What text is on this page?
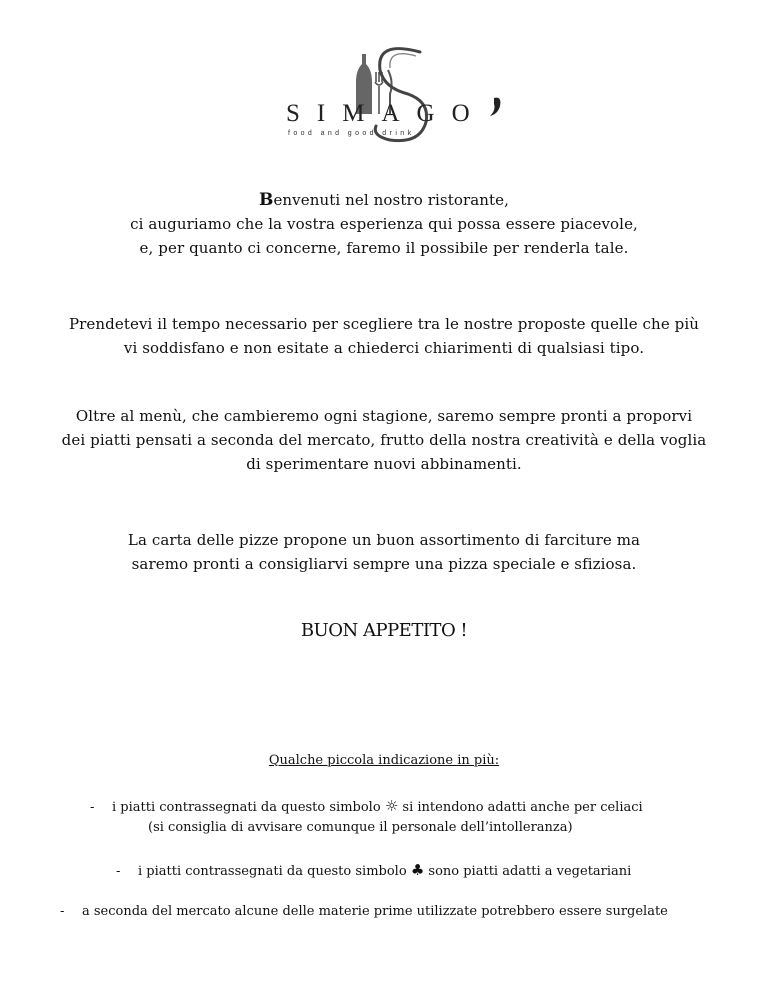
SIMAGO

food and good drink

Benvenuti nel nostro ristorante,
ci auguriamo che la vostra esperienza qui possa essere piacevole,
e, per quanto ci concerne, faremo il possibile per renderla tale.

Prendetevi il tempo necessario per scegliere tra le nostre proposte quelle che più
vi soddisfano e non esitate a chiederci chiarimenti di qualsiasi tipo.

Oltre al menù, che cambieremo ogni stagione, saremo sempre pronti a proporvi
dei piatti pensati a seconda del mercato, frutto della nostra creatività e della voglia
di sperimentare nuovi abbinamenti.

La carta delle pizze propone un buon assortimento di farciture ma
saremo pronti a consigliarvi sempre una pizza speciale e sfiziosa.

BUON APPETITO !

Qualche piccola indicazione in più:

- i piatti contrassegnati da questo simbolo ☼ si intendono adatti anche per celiaci

(si consiglia di avvisare comunque il personale dell’intolleranza)

- i piatti contrassegnati da questo simbolo ♣ sono piatti adatti a vegetariani

- a seconda del mercato alcune delle materie prime utilizzate potrebbero essere surgelate
